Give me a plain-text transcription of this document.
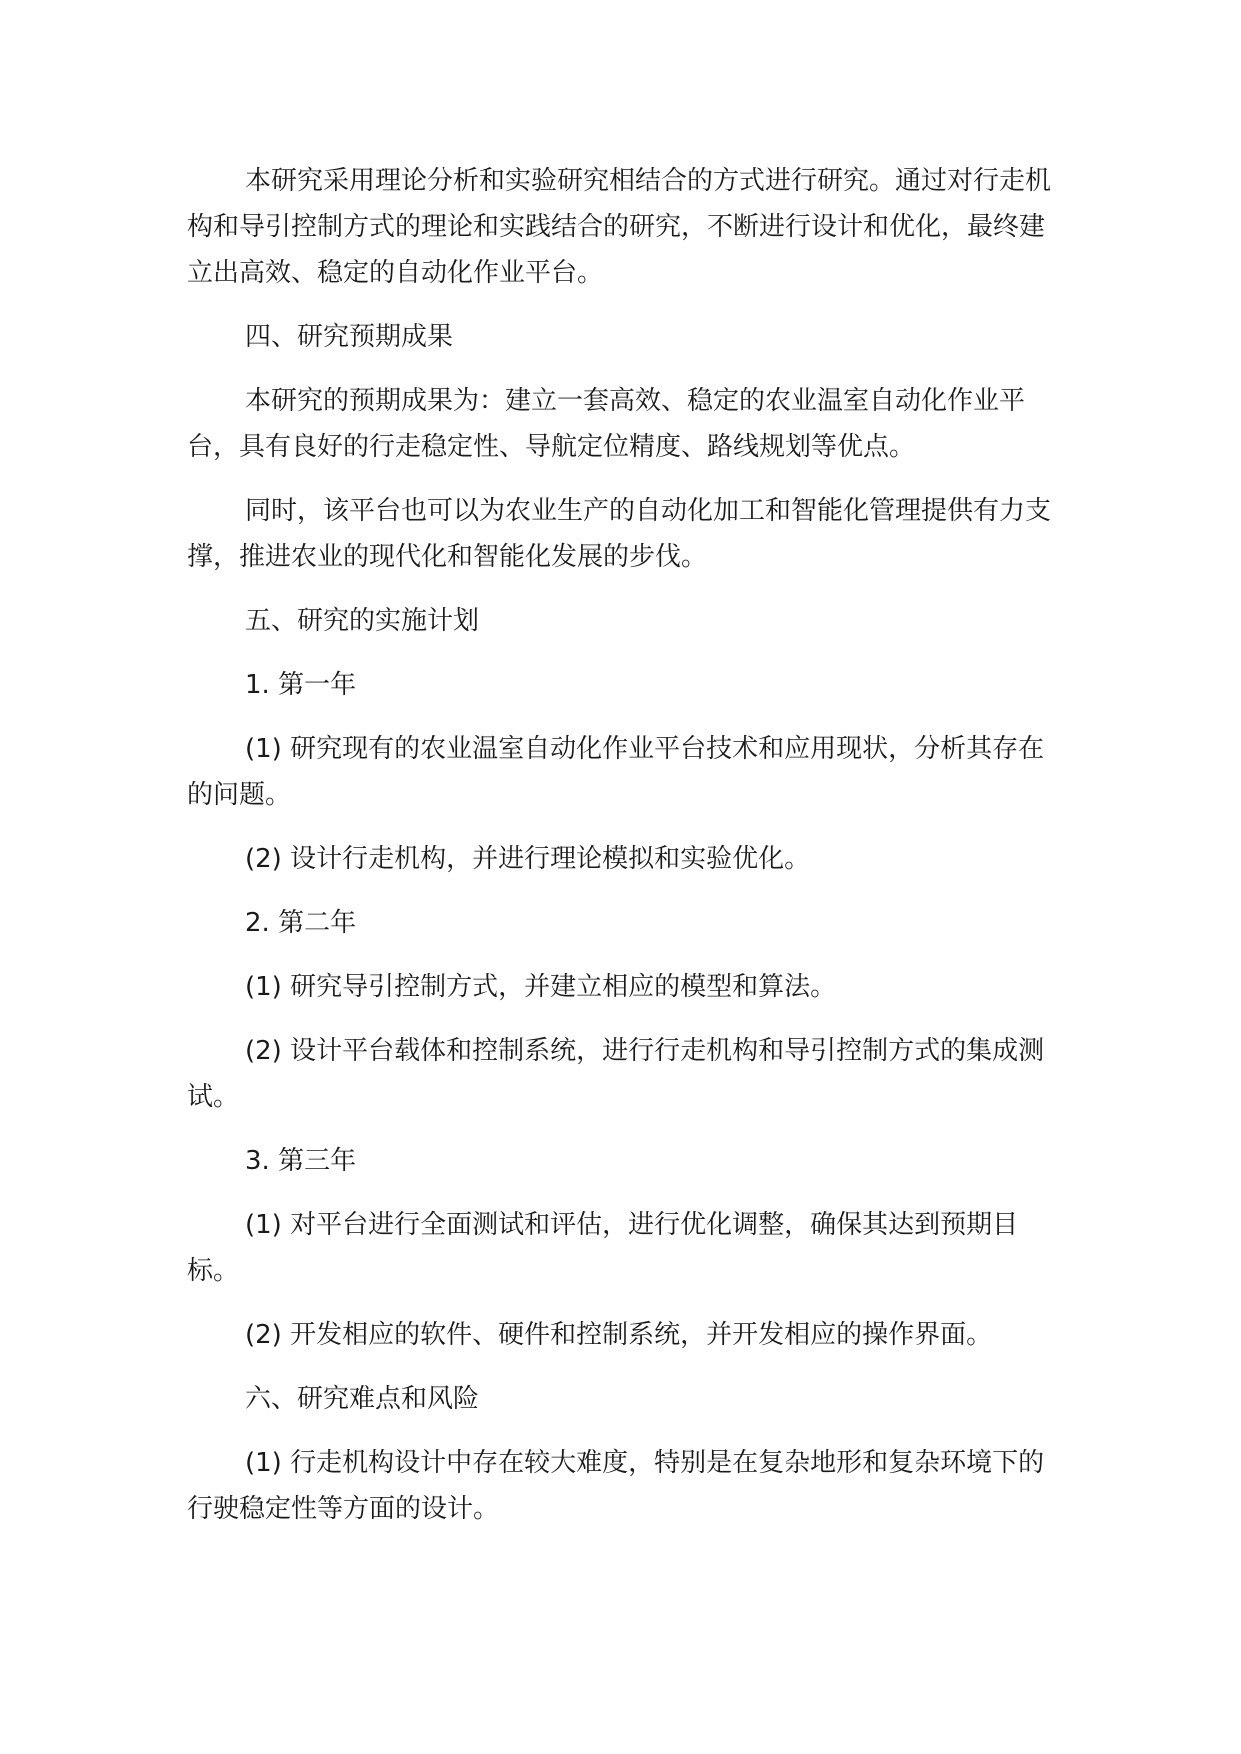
本研究采用理论分析和实验研究相结合的方式进行研究。通过对行走机构和导引控制方式的理论和实践结合的研究，不断进行设计和优化，最终建立出高效、稳定的自动化作业平台。

四、研究预期成果

本研究的预期成果为：建立一套高效、稳定的农业温室自动化作业平台，具有良好的行走稳定性、导航定位精度、路线规划等优点。

同时，该平台也可以为农业生产的自动化加工和智能化管理提供有力支撑，推进农业的现代化和智能化发展的步伐。

五、研究的实施计划

1. 第一年

(1) 研究现有的农业温室自动化作业平台技术和应用现状，分析其存在的问题。

(2) 设计行走机构，并进行理论模拟和实验优化。

2. 第二年

(1) 研究导引控制方式，并建立相应的模型和算法。

(2) 设计平台载体和控制系统，进行行走机构和导引控制方式的集成测试。

3. 第三年

(1) 对平台进行全面测试和评估，进行优化调整，确保其达到预期目标。

(2) 开发相应的软件、硬件和控制系统，并开发相应的操作界面。

六、研究难点和风险

(1) 行走机构设计中存在较大难度，特别是在复杂地形和复杂环境下的行驶稳定性等方面的设计。
